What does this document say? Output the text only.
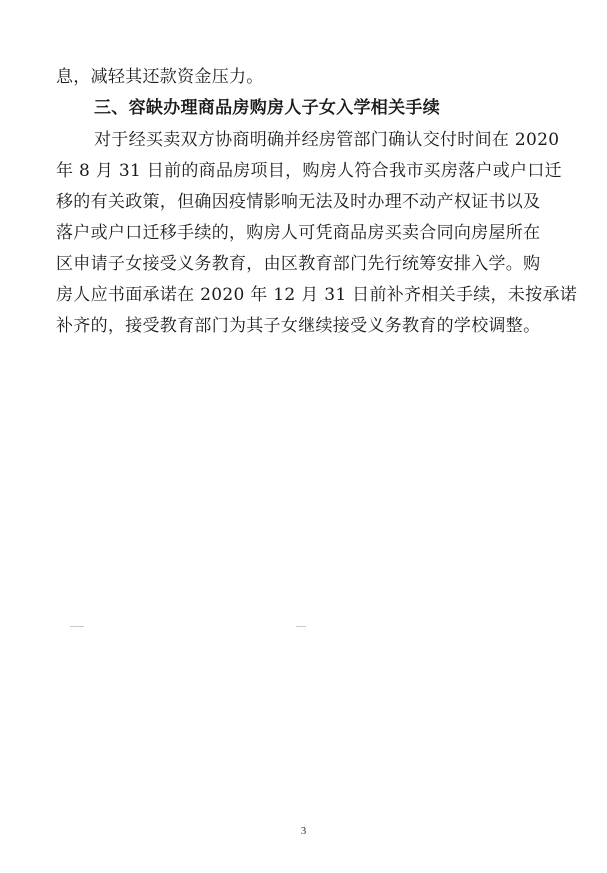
息，减轻其还款资金压力。
三、容缺办理商品房购房人子女入学相关手续
对于经买卖双方协商明确并经房管部门确认交付时间在 2020
年 8 月 31 日前的商品房项目，购房人符合我市买房落户或户口迁
移的有关政策，但确因疫情影响无法及时办理不动产权证书以及
落户或户口迁移手续的，购房人可凭商品房买卖合同向房屋所在
区申请子女接受义务教育，由区教育部门先行统筹安排入学。购
房人应书面承诺在 2020 年 12 月 31 日前补齐相关手续，未按承诺
补齐的，接受教育部门为其子女继续接受义务教育的学校调整。
3
